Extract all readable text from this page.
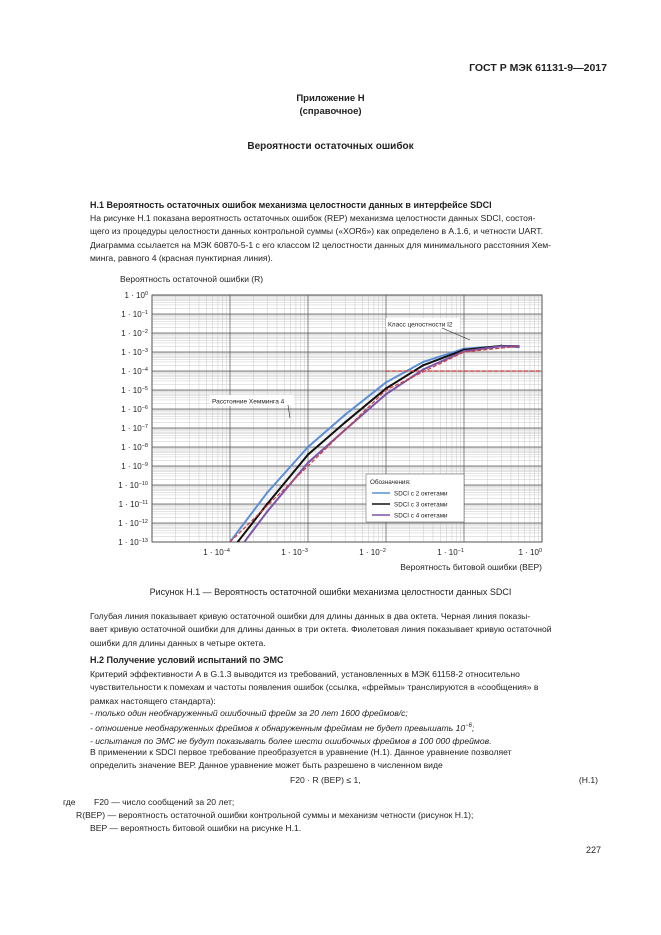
ГОСТ Р МЭК 61131-9—2017
Приложение Н
(справочное)
Вероятности остаточных ошибок
Н.1 Вероятность остаточных ошибок механизма целостности данных в интерфейсе SDCI
На рисунке Н.1 показана вероятность остаточных ошибок (REP) механизма целостности данных SDCI, состоя-
щего из процедуры целостности данных контрольной суммы («XOR6») как определено в А.1.6, и четности UART.
Диаграмма ссылается на МЭК 60870-5-1 с его классом I2 целостности данных для минимального расстояния Хем-
минга, равного 4 (красная пунктирная линия).
Вероятность остаточной ошибки (R)
$1 \cdot 10^0$
$1 \cdot 10^{-1}$
$1 \cdot 10^{-2}$
$1 \cdot 10^{-3}$
$1 \cdot 10^{-4}$
$1 \cdot 10^{-5}$
$1 \cdot 10^{-6}$
$1 \cdot 10^{-7}$
$1 \cdot 10^{-8}$
$1 \cdot 10^{-9}$
$1 \cdot 10^{-10}$
$1 \cdot 10^{-11}$
$1 \cdot 10^{-12}$
$1 \cdot 10^{-13}$
$1 \cdot 10^{-4}$	$1 \cdot 10^{-3}$	$1 \cdot 10^{-2}$	$1 \cdot 10^{-1}$	$1 \cdot 10^0$
Класс целостности I2
Расстояние Хемминга 4
Обозначения:
SDCI с 2 октетами
SDCI с 3 октетами
SDCI с 4 октетами
Вероятность битовой ошибки (BEP)
Рисунок Н.1 — Вероятность остаточной ошибки механизма целостности данных SDCI
Голубая линия показывает кривую остаточной ошибки для длины данных в два октета. Черная линия показы-
вает кривую остаточной ошибки для длины данных в три октета. Фиолетовая линия показывает кривую остаточной
ошибки для длины данных в четыре октета.
Н.2 Получение условий испытаний по ЭМС
Критерий эффективности А в G.1.3 выводится из требований, установленных в МЭК 61158-2 относительно
чувствительности к помехам и частоты появления ошибок (ссылка, «фреймы» транслируются в «сообщения» в
рамках настоящего стандарта):
- только один необнаруженный ошибочный фрейм за 20 лет 1600 фреймов/с;
- отношение необнаруженных фреймов к обнаруженным фреймам не будет превышать $10^{-6}$;
- испытания по ЭМС не будут показывать более шести ошибочных фреймов в 100 000 фреймов.
В применении к SDCI первое требование преобразуется в уравнение (Н.1). Данное уравнение позволяет
определить значение ВЕР. Данное уравнение может быть разрешено в численном виде
F20 · R (BEP) ≤ 1,	(Н.1)
где F20 — число сообщений за 20 лет;
R(BEP) — вероятность остаточной ошибки контрольной суммы и механизм четности (рисунок Н.1);
BEP — вероятность битовой ошибки на рисунке Н.1.
227
